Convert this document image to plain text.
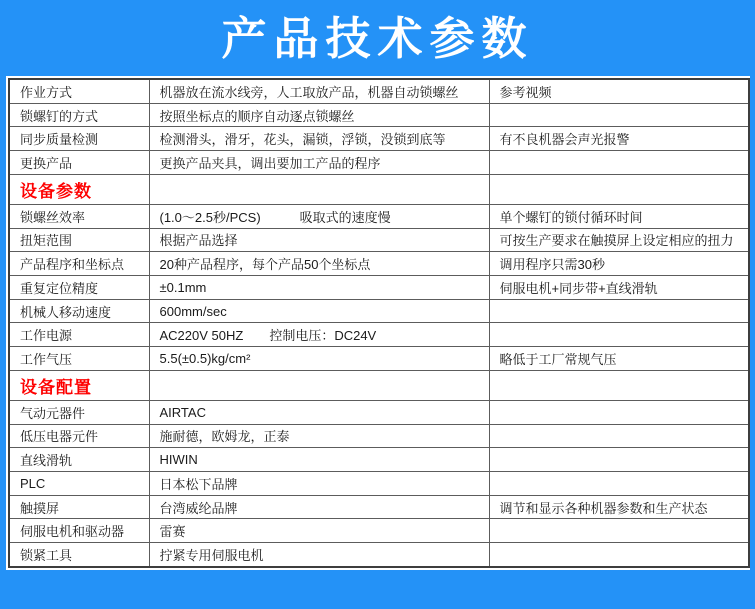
产品技术参数
作业方式	机器放在流水线旁，人工取放产品，机器自动锁螺丝	参考视频
锁螺钉的方式	按照坐标点的顺序自动逐点锁螺丝	
同步质量检测	检测滑头，滑牙，花头，漏锁，浮锁，没锁到底等	有不良机器会声光报警
更换产品	更换产品夹具，调出要加工产品的程序	
设备参数		
锁螺丝效率	(1.0～2.5秒/PCS)　　　吸取式的速度慢	单个螺钉的锁付循环时间
扭矩范围	根据产品选择	可按生产要求在触摸屏上设定相应的扭力
产品程序和坐标点	20种产品程序，每个产品50个坐标点	调用程序只需30秒
重复定位精度	±0.1mm	伺服电机+同步带+直线滑轨
机械人移动速度	600mm/sec	
工作电源	AC220V 50HZ　　控制电压：DC24V	
工作气压	5.5(±0.5)kg/cm²	略低于工厂常规气压
设备配置		
气动元器件	AIRTAC	
低压电器元件	施耐德，欧姆龙，正泰	
直线滑轨	HIWIN	
PLC	日本松下品牌	
触摸屏	台湾威纶品牌	调节和显示各种机器参数和生产状态
伺服电机和驱动器	雷赛	
锁紧工具	拧紧专用伺服电机	
